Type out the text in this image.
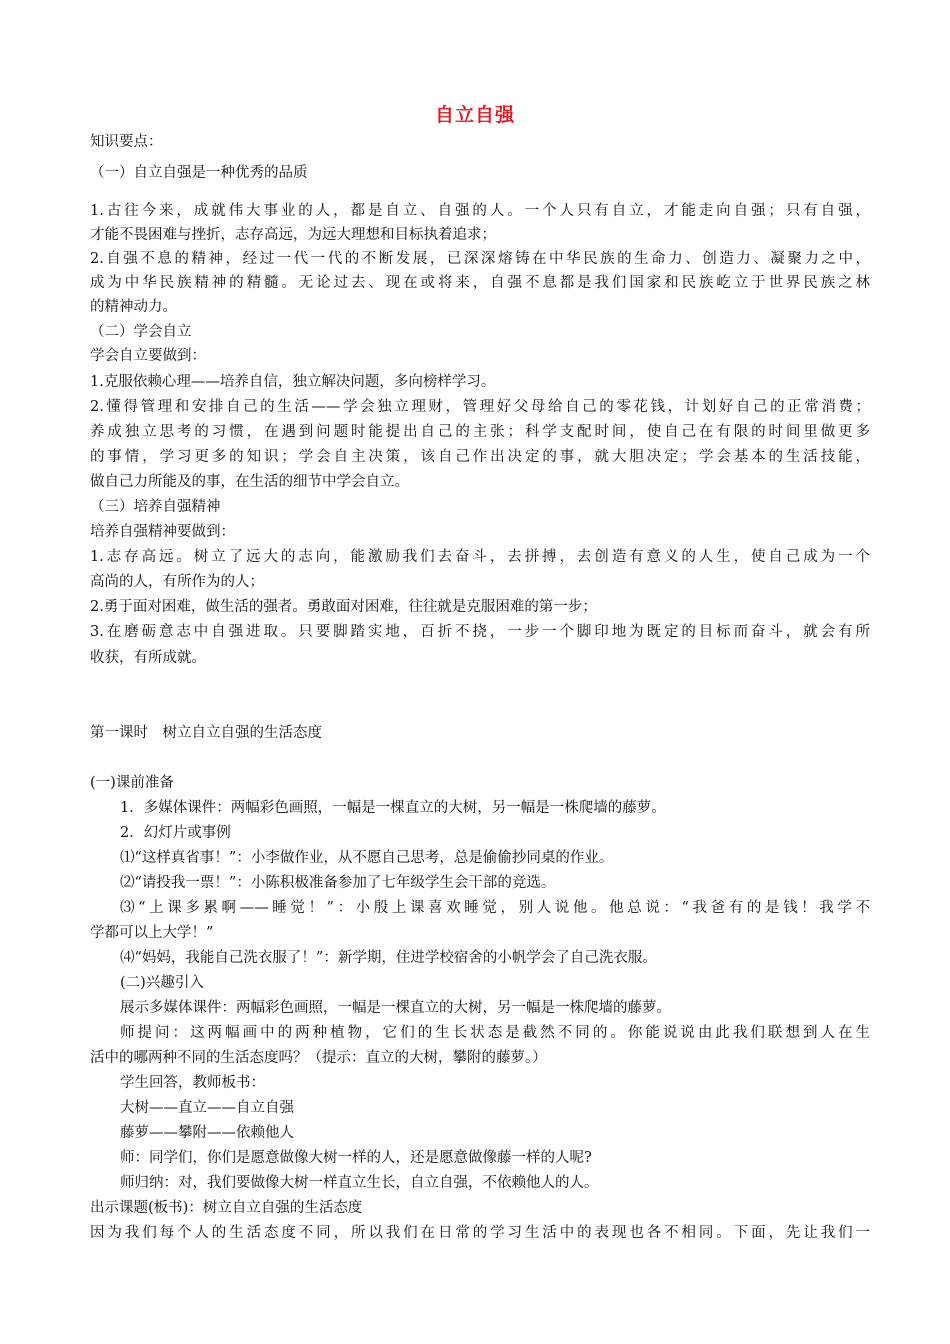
自立自强
知识要点：
（一）自立自强是一种优秀的品质
1.古往今来，成就伟大事业的人，都是自立、自强的人。一个人只有自立，才能走向自强；只有自强，
才能不畏困难与挫折，志存高远，为远大理想和目标执着追求；
2.自强不息的精神，经过一代一代的不断发展，已深深熔铸在中华民族的生命力、创造力、凝聚力之中，
成为中华民族精神的精髓。无论过去、现在或将来，自强不息都是我们国家和民族屹立于世界民族之林
的精神动力。
（二）学会自立
学会自立要做到：
1.克服依赖心理——培养自信，独立解决问题，多向榜样学习。
2.懂得管理和安排自己的生活——学会独立理财，管理好父母给自己的零花钱，计划好自己的正常消费；
养成独立思考的习惯，在遇到问题时能提出自己的主张；科学支配时间，使自己在有限的时间里做更多
的事情，学习更多的知识；学会自主决策，该自己作出决定的事，就大胆决定；学会基本的生活技能，
做自己力所能及的事，在生活的细节中学会自立。
（三）培养自强精神
培养自强精神要做到：
1.志存高远。树立了远大的志向，能激励我们去奋斗，去拼搏，去创造有意义的人生，使自己成为一个
高尚的人，有所作为的人；
2.勇于面对困难，做生活的强者。勇敢面对困难，往往就是克服困难的第一步；
3.在磨砺意志中自强进取。只要脚踏实地，百折不挠，一步一个脚印地为既定的目标而奋斗，就会有所
收获，有所成就。
第一课时　树立自立自强的生活态度
(一)课前准备
1．多媒体课件：两幅彩色画照，一幅是一棵直立的大树，另一幅是一株爬墙的藤萝。
2．幻灯片或事例
⑴“这样真省事！”：小李做作业，从不愿自己思考，总是偷偷抄同桌的作业。
⑵“请投我一票！”：小陈积极准备参加了七年级学生会干部的竞选。
⑶“上课多累啊——睡觉！”：小殷上课喜欢睡觉，别人说他。他总说：“我爸有的是钱！我学不
学都可以上大学！”
⑷“妈妈，我能自己洗衣服了！”：新学期，住进学校宿舍的小帆学会了自己洗衣服。
(二)兴趣引入
展示多媒体课件：两幅彩色画照，一幅是一棵直立的大树，另一幅是一株爬墙的藤萝。
师提问：这两幅画中的两种植物，它们的生长状态是截然不同的。你能说说由此我们联想到人在生
活中的哪两种不同的生活态度吗？（提示：直立的大树，攀附的藤萝。）
学生回答，教师板书：
大树——直立——自立自强
藤萝——攀附——依赖他人
师：同学们，你们是愿意做像大树一样的人，还是愿意做像藤一样的人呢?
师归纳：对，我们要做像大树一样直立生长，自立自强，不依赖他人的人。
出示课题(板书)：树立自立自强的生活态度
因为我们每个人的生活态度不同，所以我们在日常的学习生活中的表现也各不相同。下面，先让我们一
